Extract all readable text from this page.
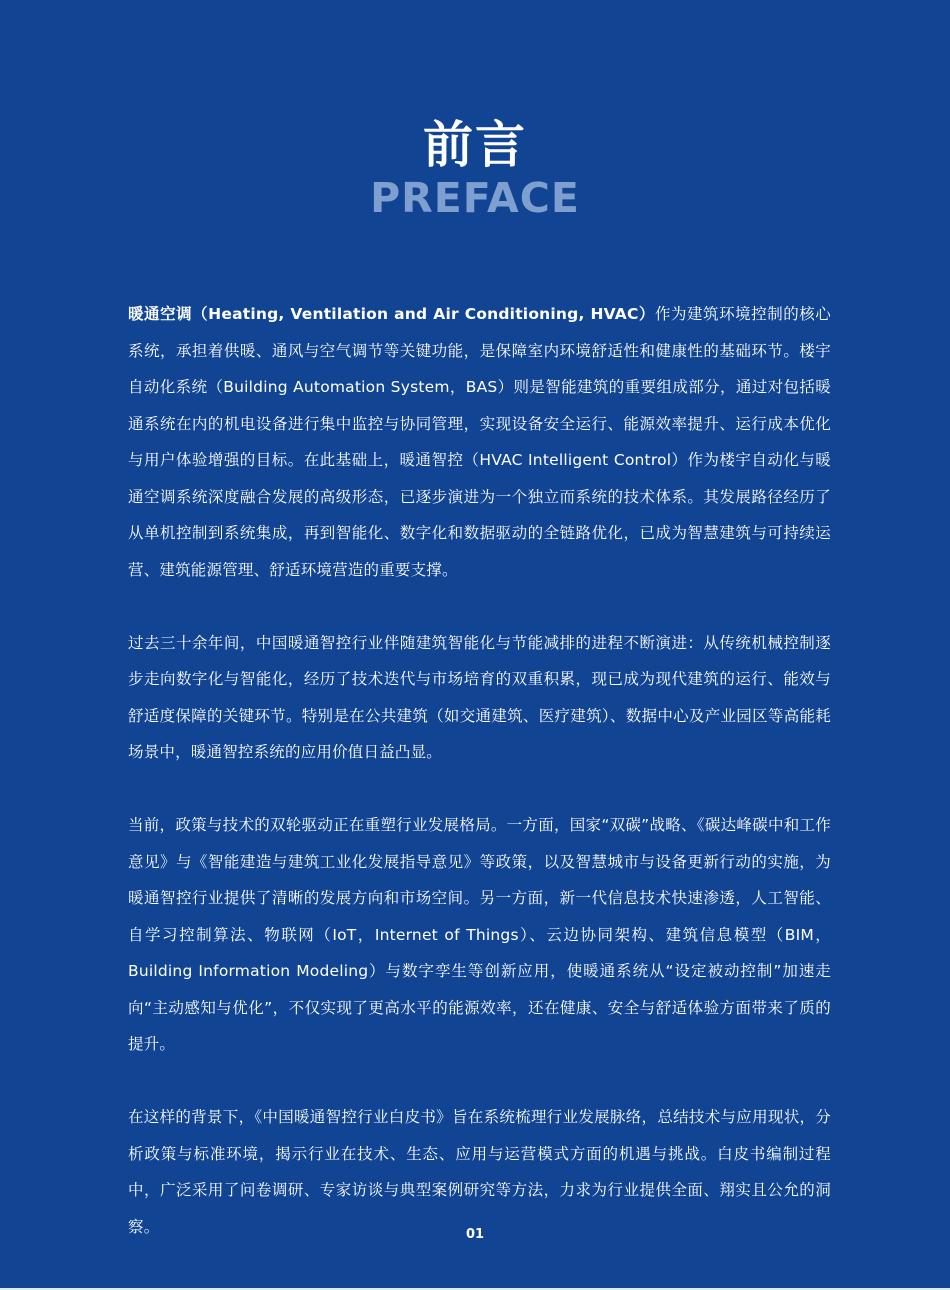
前言
PREFACE

暖通空调（Heating, Ventilation and Air Conditioning, HVAC）作为建筑环境控制的核心系统，承担着供暖、通风与空气调节等关键功能，是保障室内环境舒适性和健康性的基础环节。楼宇自动化系统（Building Automation System，BAS）则是智能建筑的重要组成部分，通过对包括暖通系统在内的机电设备进行集中监控与协同管理，实现设备安全运行、能源效率提升、运行成本优化与用户体验增强的目标。在此基础上，暖通智控（HVAC Intelligent Control）作为楼宇自动化与暖通空调系统深度融合发展的高级形态，已逐步演进为一个独立而系统的技术体系。其发展路径经历了从单机控制到系统集成，再到智能化、数字化和数据驱动的全链路优化，已成为智慧建筑与可持续运营、建筑能源管理、舒适环境营造的重要支撑。

过去三十余年间，中国暖通智控行业伴随建筑智能化与节能减排的进程不断演进：从传统机械控制逐步走向数字化与智能化，经历了技术迭代与市场培育的双重积累，现已成为现代建筑的运行、能效与舒适度保障的关键环节。特别是在公共建筑（如交通建筑、医疗建筑）、数据中心及产业园区等高能耗场景中，暖通智控系统的应用价值日益凸显。

当前，政策与技术的双轮驱动正在重塑行业发展格局。一方面，国家“双碳”战略、《碳达峰碳中和工作意见》与《智能建造与建筑工业化发展指导意见》等政策，以及智慧城市与设备更新行动的实施，为暖通智控行业提供了清晰的发展方向和市场空间。另一方面，新一代信息技术快速渗透，人工智能、自学习控制算法、物联网（IoT，Internet of Things）、云边协同架构、建筑信息模型（BIM，Building Information Modeling）与数字孪生等创新应用，使暖通系统从“设定被动控制”加速走向“主动感知与优化”，不仅实现了更高水平的能源效率，还在健康、安全与舒适体验方面带来了质的提升。

在这样的背景下，《中国暖通智控行业白皮书》旨在系统梳理行业发展脉络，总结技术与应用现状，分析政策与标准环境，揭示行业在技术、生态、应用与运营模式方面的机遇与挑战。白皮书编制过程中，广泛采用了问卷调研、专家访谈与典型案例研究等方法，力求为行业提供全面、翔实且公允的洞察。	01
